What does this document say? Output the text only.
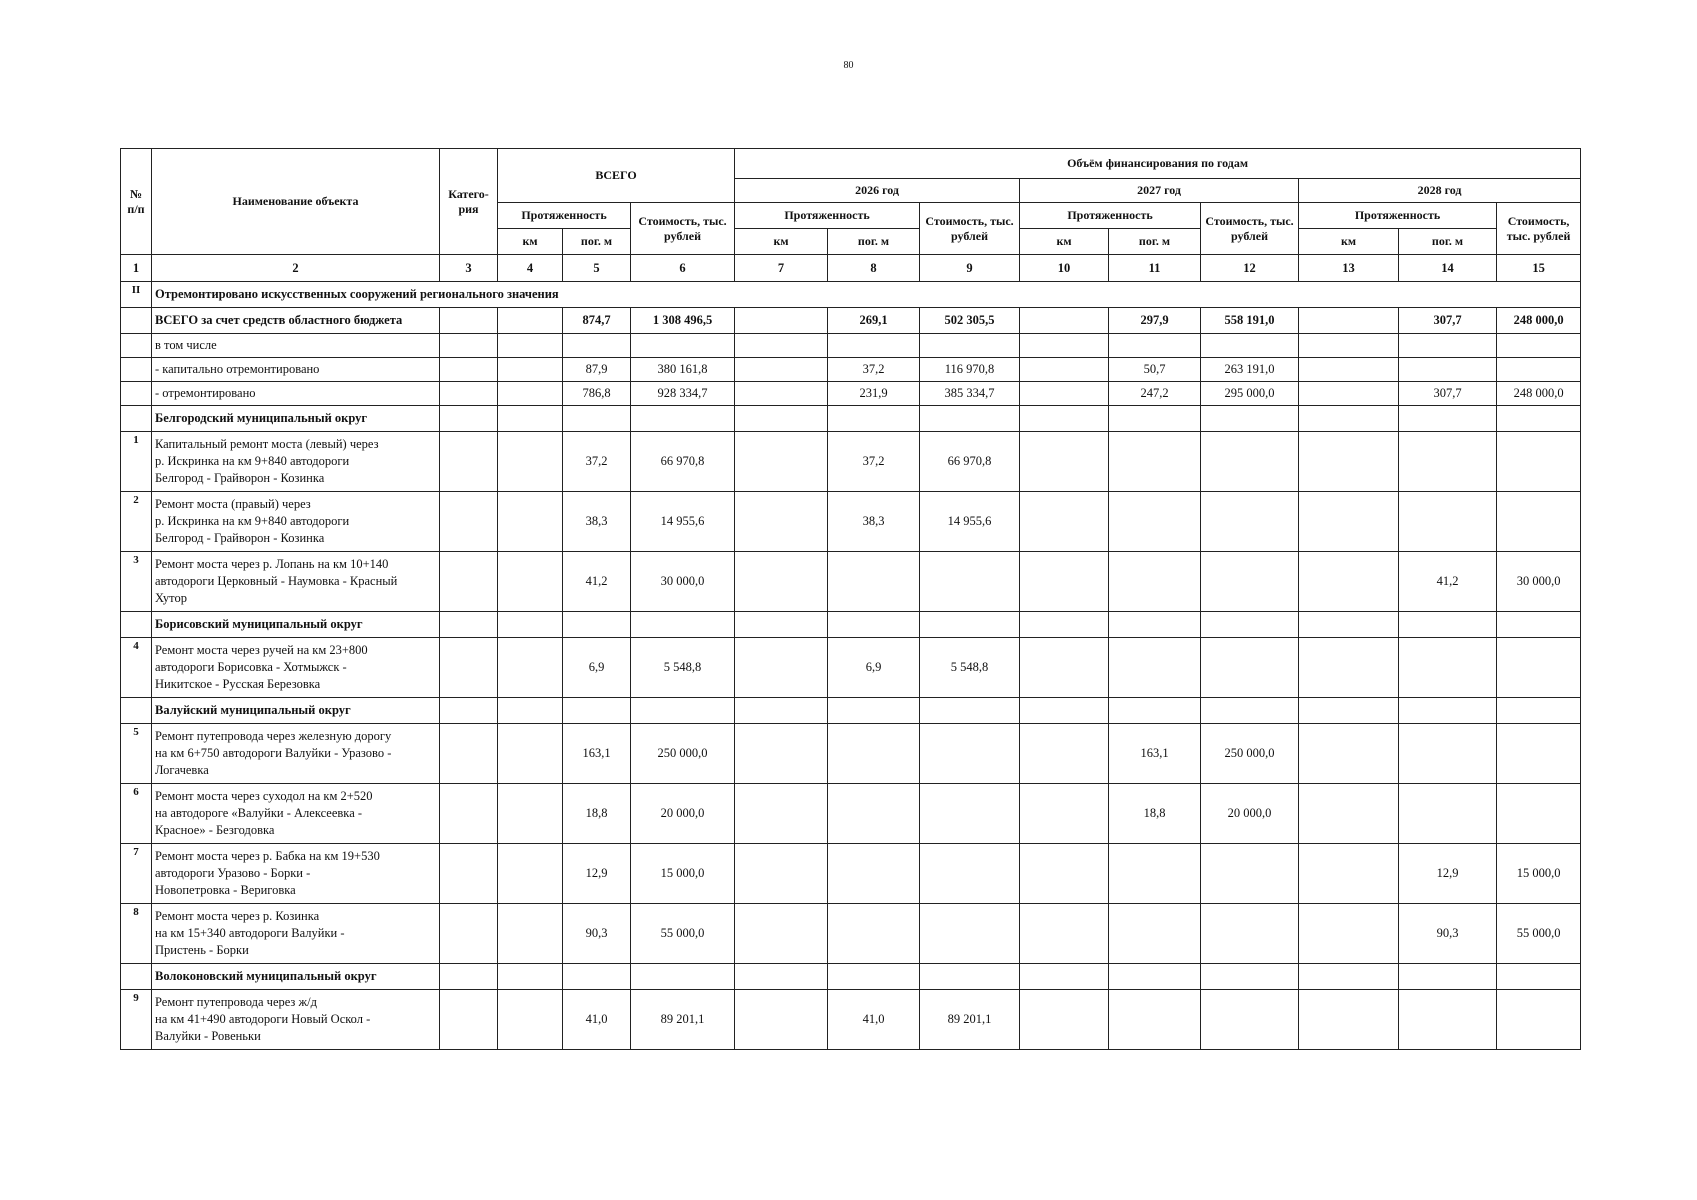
80
№ п/п	Наименование объекта	Катего-рия	ВСЕГО			Объём финансирования по годам								
						2026 год			2027 год			2028 год		
			Протяженность		Стоимость, тыс. рублей	Протяженность		Стоимость, тыс. рублей	Протяженность		Стоимость, тыс. рублей	Протяженность		Стоимость, тыс. рублей
			км	пог. м		км	пог. м		км	пог. м		км	пог. м	
1	2	3	4	5	6	7	8	9	10	11	12	13	14	15
II	Отремонтировано искусственных сооружений регионального значения													

	ВСЕГО за счет средств областного бюджета			874,7	1 308 496,5		269,1	502 305,5		297,9	558 191,0		307,7	248 000,0

	в том числе													

	- капитально отремонтировано			87,9	380 161,8		37,2	116 970,8		50,7	263 191,0			

	- отремонтировано			786,8	928 334,7		231,9	385 334,7		247,2	295 000,0		307,7	248 000,0

	Белгородский муниципальный округ													

1	Капитальный ремонт моста (левый) через
р. Искринка на км 9+840 автодороги
Белгород - Грайворон - Козинка			37,2	66 970,8		37,2	66 970,8						
2	Ремонт моста (правый) через
р. Искринка на км 9+840 автодороги
Белгород - Грайворон - Козинка			38,3	14 955,6		38,3	14 955,6						
3	Ремонт моста через р. Лопань на км 10+140
автодороги Церковный - Наумовка - Красный
Хутор			41,2	30 000,0								41,2	30 000,0

	Борисовский муниципальный округ													

4	Ремонт моста через ручей на км 23+800
автодороги Борисовка - Хотмыжск -
Никитское - Русская Березовка			6,9	5 548,8		6,9	5 548,8						

	Валуйский муниципальный округ													

5	Ремонт путепровода через железную дорогу
на км 6+750 автодороги Валуйки - Уразово -
Логачевка			163,1	250 000,0					163,1	250 000,0			
6	Ремонт моста через суходол на км 2+520
на автодороге «Валуйки - Алексеевка -
Красное» - Безгодовка			18,8	20 000,0					18,8	20 000,0			
7	Ремонт моста через р. Бабка на км 19+530
автодороги Уразово - Борки -
Новопетровка - Вериговка			12,9	15 000,0								12,9	15 000,0
8	Ремонт моста через р. Козинка
на км 15+340 автодороги Валуйки -
Пристень - Борки			90,3	55 000,0								90,3	55 000,0

	Волоконовский муниципальный округ													

9	Ремонт путепровода через ж/д
на км 41+490 автодороги Новый Оскол -
Валуйки - Ровеньки			41,0	89 201,1		41,0	89 201,1						
